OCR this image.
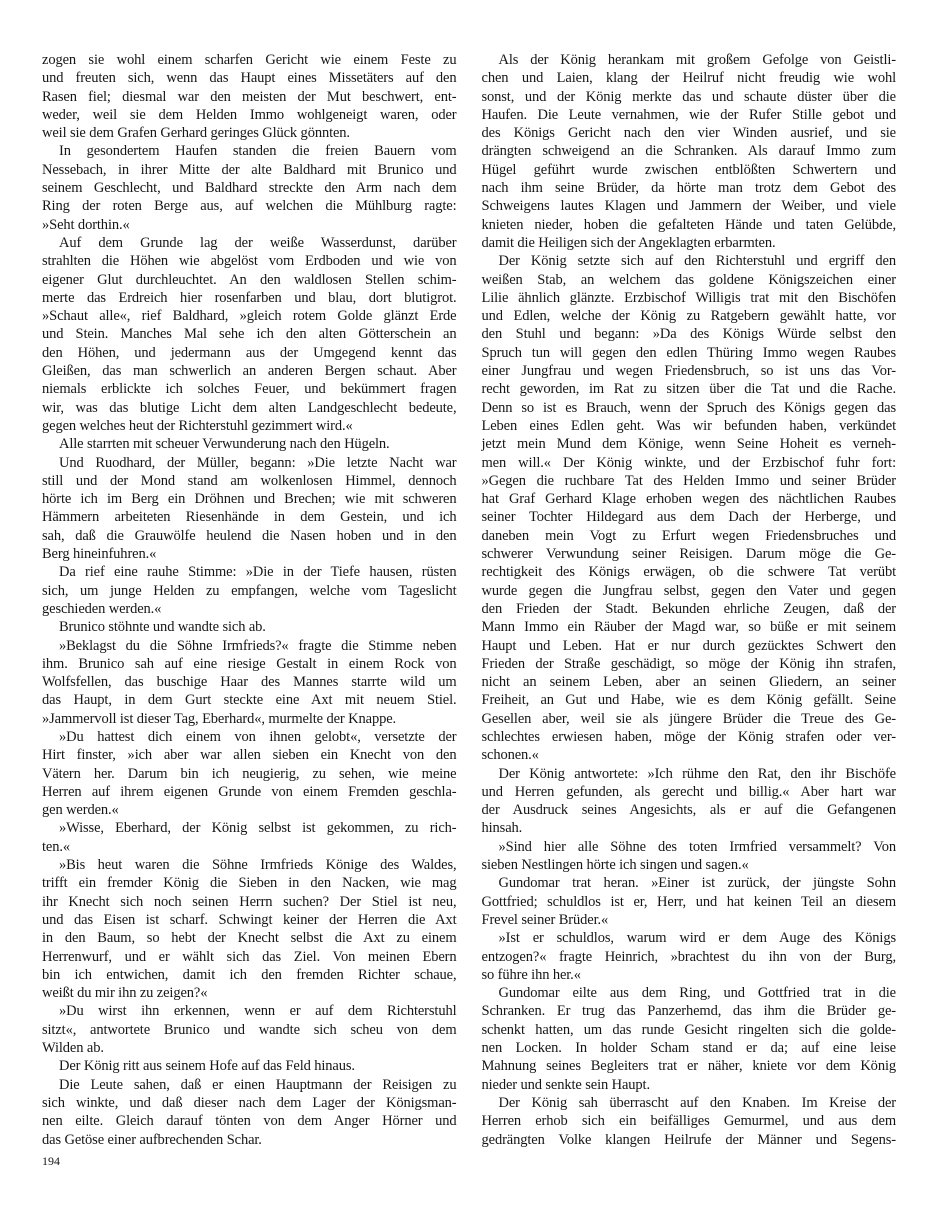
zogen sie wohl einem scharfen Gericht wie einem Feste zu
und freuten sich, wenn das Haupt eines Missetäters auf den
Rasen fiel; diesmal war den meisten der Mut beschwert, ent-
weder, weil sie dem Helden Immo wohlgeneigt waren, oder
weil sie dem Grafen Gerhard geringes Glück gönnten.
In gesondertem Haufen standen die freien Bauern vom
Nessebach, in ihrer Mitte der alte Baldhard mit Brunico und
seinem Geschlecht, und Baldhard streckte den Arm nach dem
Ring der roten Berge aus, auf welchen die Mühlburg ragte:
»Seht dorthin.«
Auf dem Grunde lag der weiße Wasserdunst, darüber
strahlten die Höhen wie abgelöst vom Erdboden und wie von
eigener Glut durchleuchtet. An den waldlosen Stellen schim-
merte das Erdreich hier rosenfarben und blau, dort blutigrot.
»Schaut alle«, rief Baldhard, »gleich rotem Golde glänzt Erde
und Stein. Manches Mal sehe ich den alten Götterschein an
den Höhen, und jedermann aus der Umgegend kennt das
Gleißen, das man schwerlich an anderen Bergen schaut. Aber
niemals erblickte ich solches Feuer, und bekümmert fragen
wir, was das blutige Licht dem alten Landgeschlecht bedeute,
gegen welches heut der Richterstuhl gezimmert wird.«
Alle starrten mit scheuer Verwunderung nach den Hügeln.
Und Ruodhard, der Müller, begann: »Die letzte Nacht war
still und der Mond stand am wolkenlosen Himmel, dennoch
hörte ich im Berg ein Dröhnen und Brechen; wie mit schweren
Hämmern arbeiteten Riesenhände in dem Gestein, und ich
sah, daß die Grauwölfe heulend die Nasen hoben und in den
Berg hineinfuhren.«
Da rief eine rauhe Stimme: »Die in der Tiefe hausen, rüsten
sich, um junge Helden zu empfangen, welche vom Tageslicht
geschieden werden.«
Brunico stöhnte und wandte sich ab.
»Beklagst du die Söhne Irmfrieds?« fragte die Stimme neben
ihm. Brunico sah auf eine riesige Gestalt in einem Rock von
Wolfsfellen, das buschige Haar des Mannes starrte wild um
das Haupt, in dem Gurt steckte eine Axt mit neuem Stiel.
»Jammervoll ist dieser Tag, Eberhard«, murmelte der Knappe.
»Du hattest dich einem von ihnen gelobt«, versetzte der
Hirt finster, »ich aber war allen sieben ein Knecht von den
Vätern her. Darum bin ich neugierig, zu sehen, wie meine
Herren auf ihrem eigenen Grunde von einem Fremden geschla-
gen werden.«
»Wisse, Eberhard, der König selbst ist gekommen, zu rich-
ten.«
»Bis heut waren die Söhne Irmfrieds Könige des Waldes,
trifft ein fremder König die Sieben in den Nacken, wie mag
ihr Knecht sich noch seinen Herrn suchen? Der Stiel ist neu,
und das Eisen ist scharf. Schwingt keiner der Herren die Axt
in den Baum, so hebt der Knecht selbst die Axt zu einem
Herrenwurf, und er wählt sich das Ziel. Von meinen Ebern
bin ich entwichen, damit ich den fremden Richter schaue,
weißt du mir ihn zu zeigen?«
»Du wirst ihn erkennen, wenn er auf dem Richterstuhl
sitzt«, antwortete Brunico und wandte sich scheu von dem
Wilden ab.
Der König ritt aus seinem Hofe auf das Feld hinaus.
Die Leute sahen, daß er einen Hauptmann der Reisigen zu
sich winkte, und daß dieser nach dem Lager der Königsman-
nen eilte. Gleich darauf tönten von dem Anger Hörner und
das Getöse einer aufbrechenden Schar.
Als der König herankam mit großem Gefolge von Geistli-
chen und Laien, klang der Heilruf nicht freudig wie wohl
sonst, und der König merkte das und schaute düster über die
Haufen. Die Leute vernahmen, wie der Rufer Stille gebot und
des Königs Gericht nach den vier Winden ausrief, und sie
drängten schweigend an die Schranken. Als darauf Immo zum
Hügel geführt wurde zwischen entblößten Schwertern und
nach ihm seine Brüder, da hörte man trotz dem Gebot des
Schweigens lautes Klagen und Jammern der Weiber, und viele
knieten nieder, hoben die gefalteten Hände und taten Gelübde,
damit die Heiligen sich der Angeklagten erbarmten.
Der König setzte sich auf den Richterstuhl und ergriff den
weißen Stab, an welchem das goldene Königszeichen einer
Lilie ähnlich glänzte. Erzbischof Willigis trat mit den Bischöfen
und Edlen, welche der König zu Ratgebern gewählt hatte, vor
den Stuhl und begann: »Da des Königs Würde selbst den
Spruch tun will gegen den edlen Thüring Immo wegen Raubes
einer Jungfrau und wegen Friedensbruch, so ist uns das Vor-
recht geworden, im Rat zu sitzen über die Tat und die Rache.
Denn so ist es Brauch, wenn der Spruch des Königs gegen das
Leben eines Edlen geht. Was wir befunden haben, verkündet
jetzt mein Mund dem Könige, wenn Seine Hoheit es verneh-
men will.« Der König winkte, und der Erzbischof fuhr fort:
»Gegen die ruchbare Tat des Helden Immo und seiner Brüder
hat Graf Gerhard Klage erhoben wegen des nächtlichen Raubes
seiner Tochter Hildegard aus dem Dach der Herberge, und
daneben mein Vogt zu Erfurt wegen Friedensbruches und
schwerer Verwundung seiner Reisigen. Darum möge die Ge-
rechtigkeit des Königs erwägen, ob die schwere Tat verübt
wurde gegen die Jungfrau selbst, gegen den Vater und gegen
den Frieden der Stadt. Bekunden ehrliche Zeugen, daß der
Mann Immo ein Räuber der Magd war, so büße er mit seinem
Haupt und Leben. Hat er nur durch gezücktes Schwert den
Frieden der Straße geschädigt, so möge der König ihn strafen,
nicht an seinem Leben, aber an seinen Gliedern, an seiner
Freiheit, an Gut und Habe, wie es dem König gefällt. Seine
Gesellen aber, weil sie als jüngere Brüder die Treue des Ge-
schlechtes erwiesen haben, möge der König strafen oder ver-
schonen.«
Der König antwortete: »Ich rühme den Rat, den ihr Bischöfe
und Herren gefunden, als gerecht und billig.« Aber hart war
der Ausdruck seines Angesichts, als er auf die Gefangenen
hinsah.
»Sind hier alle Söhne des toten Irmfried versammelt? Von
sieben Nestlingen hörte ich singen und sagen.«
Gundomar trat heran. »Einer ist zurück, der jüngste Sohn
Gottfried; schuldlos ist er, Herr, und hat keinen Teil an diesem
Frevel seiner Brüder.«
»Ist er schuldlos, warum wird er dem Auge des Königs
entzogen?« fragte Heinrich, »brachtest du ihn von der Burg,
so führe ihn her.«
Gundomar eilte aus dem Ring, und Gottfried trat in die
Schranken. Er trug das Panzerhemd, das ihm die Brüder ge-
schenkt hatten, um das runde Gesicht ringelten sich die golde-
nen Locken. In holder Scham stand er da; auf eine leise
Mahnung seines Begleiters trat er näher, kniete vor dem König
nieder und senkte sein Haupt.
Der König sah überrascht auf den Knaben. Im Kreise der
Herren erhob sich ein beifälliges Gemurmel, und aus dem
gedrängten Volke klangen Heilrufe der Männer und Segens-
194
